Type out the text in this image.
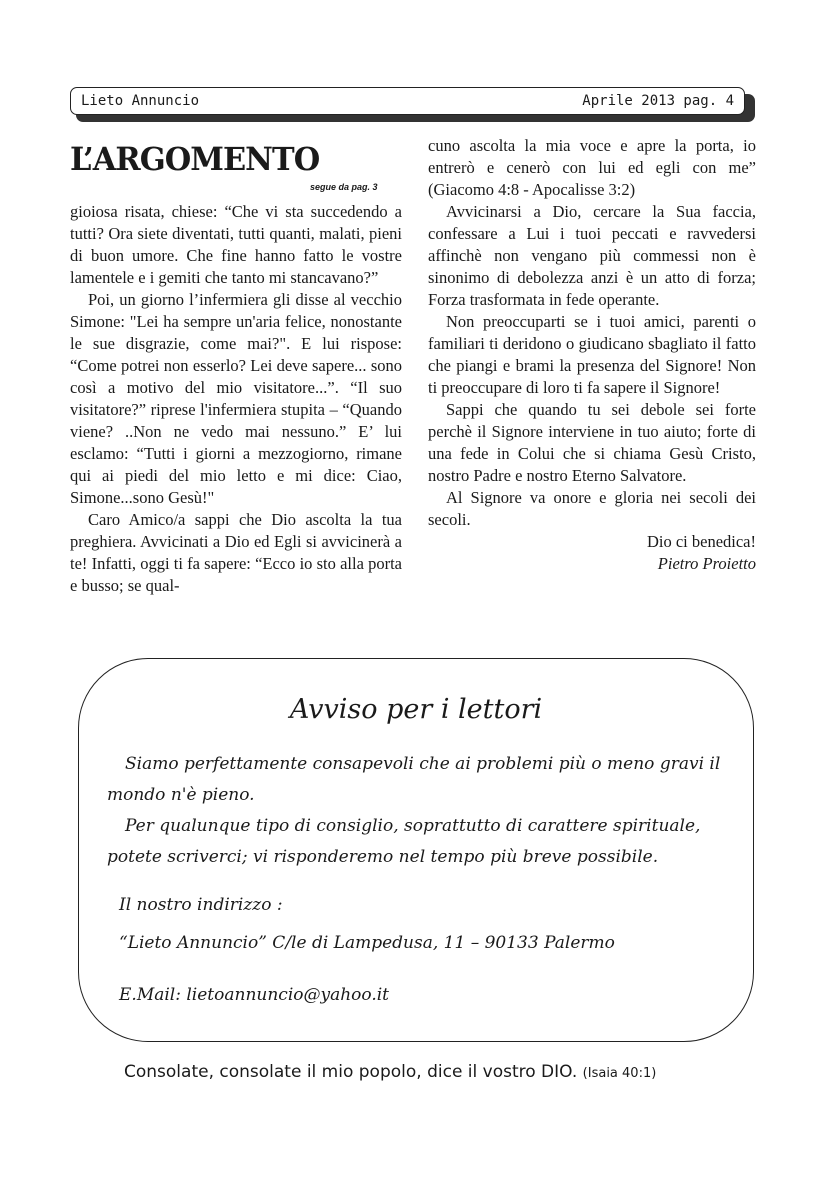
Lieto Annuncio	Aprile 2013 pag. 4
L’ARGOMENTO
segue da pag. 3

gioiosa risata, chiese: “Che vi sta succedendo a tutti? Ora siete diventati, tutti quanti, malati, pieni di buon umore. Che fine hanno fatto le vostre lamentele e i gemiti che tanto mi stancavano?”

Poi, un giorno l’infermiera gli disse al vecchio Simone: "Lei ha sempre un'aria felice, nonostante le sue disgrazie, come mai?". E lui rispose: “Come potrei non esserlo? Lei deve sapere... sono così a motivo del mio visitatore...”. “Il suo visitatore?” riprese l'infermiera stupita – “Quando viene? ..Non ne vedo mai nessuno.” E’ lui esclamo: “Tutti i giorni a mezzogiorno, rimane qui ai piedi del mio letto e mi dice: Ciao, Simone...sono Gesù!"

Caro Amico/a sappi che Dio ascolta la tua preghiera. Avvicinati a Dio ed Egli si avvicinerà a te! Infatti, oggi ti fa sapere: “Ecco io sto alla porta e busso; se qual-

cuno ascolta la mia voce e apre la porta, io entrerò e cenerò con lui ed egli con me” (Giacomo 4:8 - Apocalisse 3:2)

Avvicinarsi a Dio, cercare la Sua faccia, confessare a Lui i tuoi peccati e ravvedersi affinchè non vengano più commessi non è sinonimo di debolezza anzi è un atto di forza; Forza trasformata in fede operante.

Non preoccuparti se i tuoi amici, parenti o familiari ti deridono o giudicano sbagliato il fatto che piangi e brami la presenza del Signore! Non ti preoccupare di loro ti fa sapere il Signore!

Sappi che quando tu sei debole sei forte perchè il Signore interviene in tuo aiuto; forte di una fede in Colui che si chiama Gesù Cristo, nostro Padre e nostro Eterno Salvatore.

Al Signore va onore e gloria nei secoli dei secoli.

Dio ci benedica!

Pietro Proietto

Avviso per i lettori

Siamo perfettamente consapevoli che ai problemi più o meno gravi il mondo n'è pieno.

Per qualunque tipo di consiglio, soprattutto di carattere spirituale, potete scriverci; vi risponderemo nel tempo più breve possibile.

Il nostro indirizzo :
“Lieto Annuncio” C/le di Lampedusa, 11 – 90133 Palermo
E.Mail: lietoannuncio@yahoo.it
Consolate, consolate il mio popolo, dice il vostro DIO. (Isaia 40:1)
